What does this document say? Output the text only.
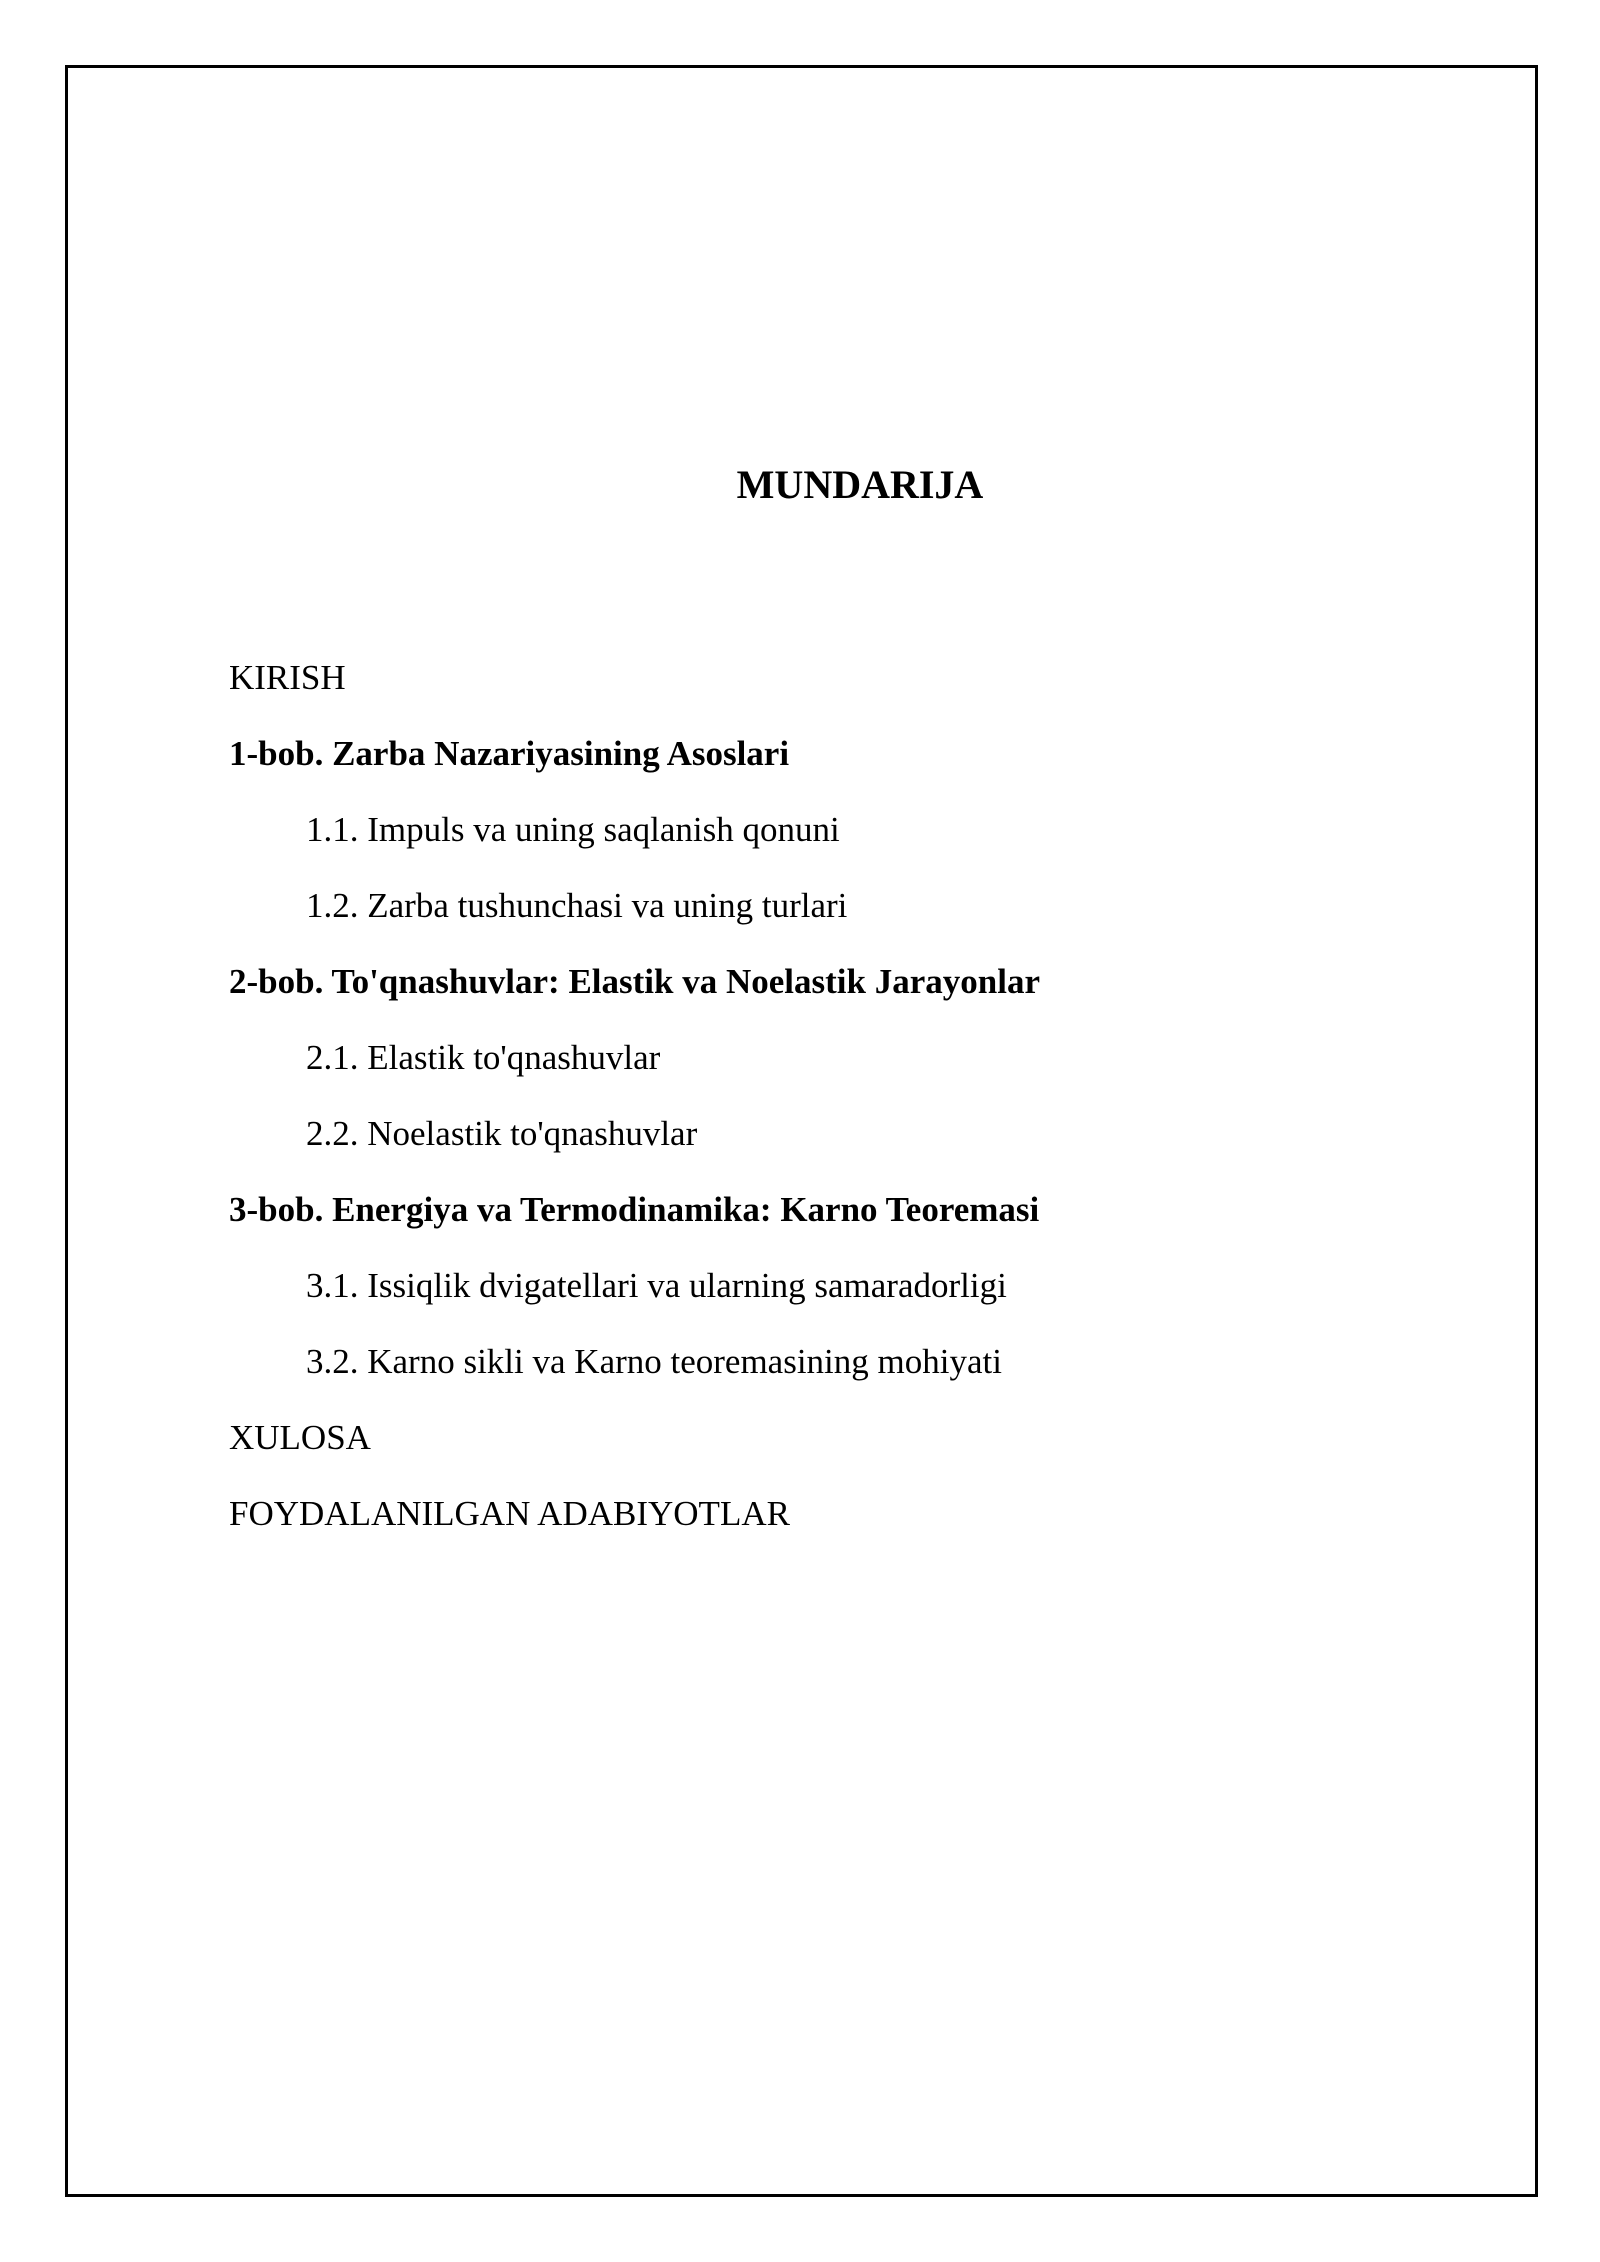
MUNDARIJA
KIRISH
1-bob. Zarba Nazariyasining Asoslari
1.1. Impuls va uning saqlanish qonuni
1.2. Zarba tushunchasi va uning turlari
2-bob. To'qnashuvlar: Elastik va Noelastik Jarayonlar
2.1. Elastik to'qnashuvlar
2.2. Noelastik to'qnashuvlar
3-bob. Energiya va Termodinamika: Karno Teoremasi
3.1. Issiqlik dvigatellari va ularning samaradorligi
3.2. Karno sikli va Karno teoremasining mohiyati
XULOSA
FOYDALANILGAN ADABIYOTLAR
